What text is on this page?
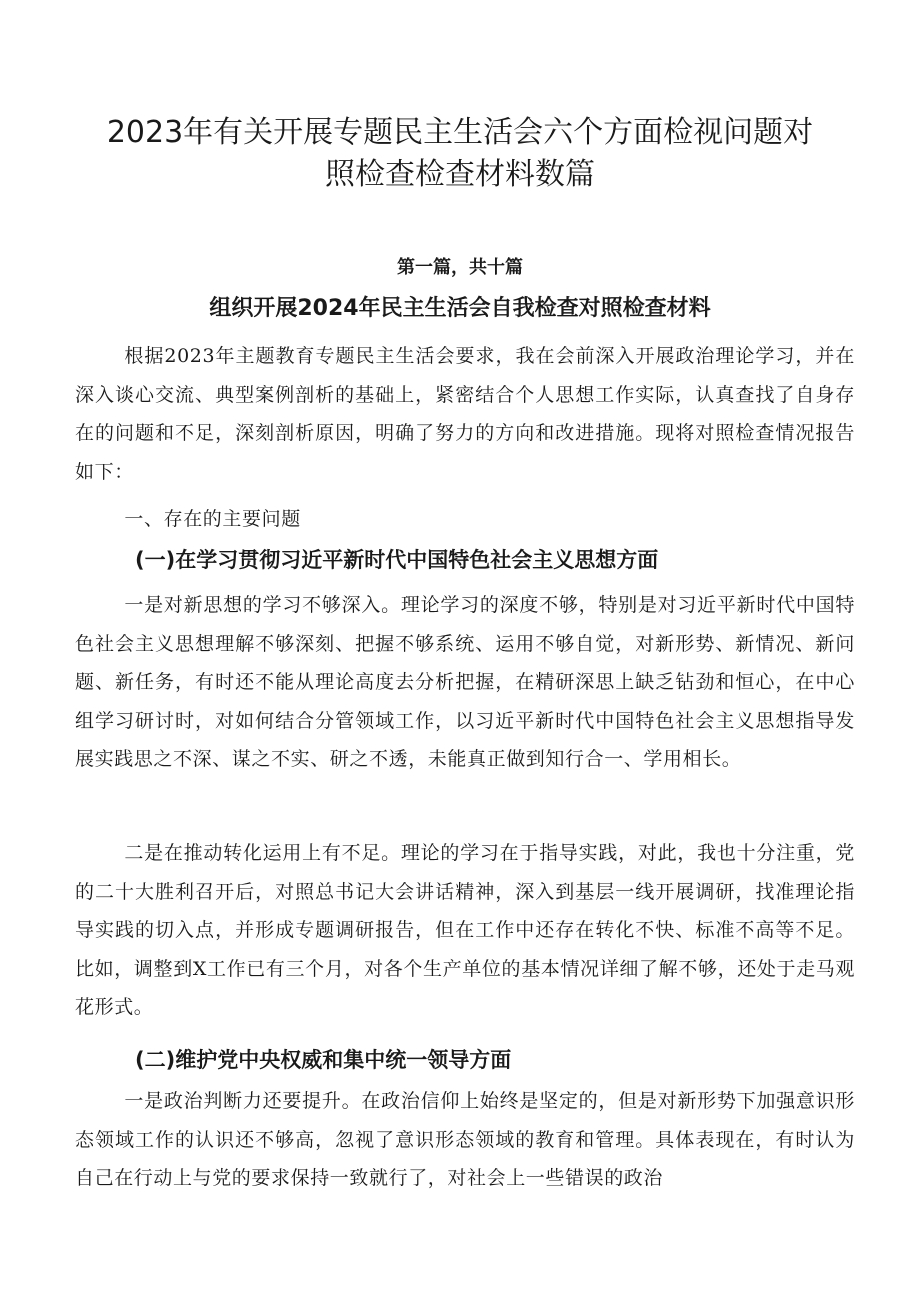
2023年有关开展专题民主生活会六个方面检视问题对
照检查检查材料数篇

第一篇，共十篇

组织开展2024年民主生活会自我检查对照检查材料

根据2023年主题教育专题民主生活会要求，我在会前深入开展政治理论学习，并在深入谈心交流、典型案例剖析的基础上，紧密结合个人思想工作实际，认真查找了自身存在的问题和不足，深刻剖析原因，明确了努力的方向和改进措施。现将对照检查情况报告如下：

一、存在的主要问题

(一)在学习贯彻习近平新时代中国特色社会主义思想方面

一是对新思想的学习不够深入。理论学习的深度不够，特别是对习近平新时代中国特色社会主义思想理解不够深刻、把握不够系统、运用不够自觉，对新形势、新情况、新问题、新任务，有时还不能从理论高度去分析把握，在精研深思上缺乏钻劲和恒心，在中心组学习研讨时，对如何结合分管领域工作，以习近平新时代中国特色社会主义思想指导发展实践思之不深、谋之不实、研之不透，未能真正做到知行合一、学用相长。

二是在推动转化运用上有不足。理论的学习在于指导实践，对此，我也十分注重，党的二十大胜利召开后，对照总书记大会讲话精神，深入到基层一线开展调研，找准理论指导实践的切入点，并形成专题调研报告，但在工作中还存在转化不快、标准不高等不足。比如，调整到X工作已有三个月，对各个生产单位的基本情况详细了解不够，还处于走马观花形式。

(二)维护党中央权威和集中统一领导方面

一是政治判断力还要提升。在政治信仰上始终是坚定的，但是对新形势下加强意识形态领域工作的认识还不够高，忽视了意识形态领域的教育和管理。具体表现在，有时认为自己在行动上与党的要求保持一致就行了，对社会上一些错误的政治
